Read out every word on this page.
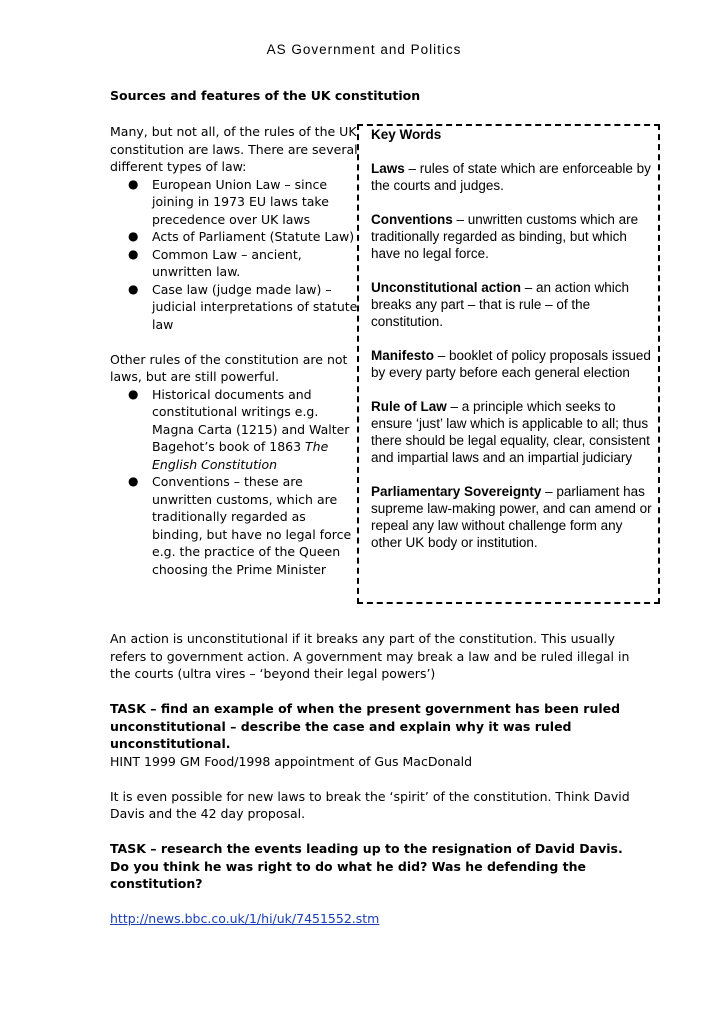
AS Government and Politics
Sources and features of the UK constitution

Many, but not all, of the rules of the UK constitution are laws. There are several different types of law:

● European Union Law – since joining in 1973 EU laws take precedence over UK laws
● Acts of Parliament (Statute Law)
● Common Law – ancient, unwritten law.
● Case law (judge made law) – judicial interpretations of statute law

Other rules of the constitution are not laws, but are still powerful.

● Historical documents and constitutional writings e.g. Magna Carta (1215) and Walter Bagehot’s book of 1863 The English Constitution
● Conventions – these are unwritten customs, which are traditionally regarded as binding, but have no legal force e.g. the practice of the Queen choosing the Prime Minister
Key Words
Laws – rules of state which are enforceable by the courts and judges.
Conventions – unwritten customs which are traditionally regarded as binding, but which have no legal force.
Unconstitutional action – an action which breaks any part – that is rule – of the constitution.
Manifesto – booklet of policy proposals issued by every party before each general election
Rule of Law – a principle which seeks to ensure ‘just’ law which is applicable to all; thus there should be legal equality, clear, consistent and impartial laws and an impartial judiciary
Parliamentary Sovereignty – parliament has supreme law-making power, and can amend or repeal any law without challenge form any other UK body or institution.

An action is unconstitutional if it breaks any part of the constitution. This usually refers to government action. A government may break a law and be ruled illegal in the courts (ultra vires – ‘beyond their legal powers’)

TASK – find an example of when the present government has been ruled unconstitutional – describe the case and explain why it was ruled unconstitutional.
HINT 1999 GM Food/1998 appointment of Gus MacDonald

It is even possible for new laws to break the ‘spirit’ of the constitution. Think David Davis and the 42 day proposal.

TASK – research the events leading up to the resignation of David Davis. Do you think he was right to do what he did? Was he defending the constitution?

http://news.bbc.co.uk/1/hi/uk/7451552.stm
